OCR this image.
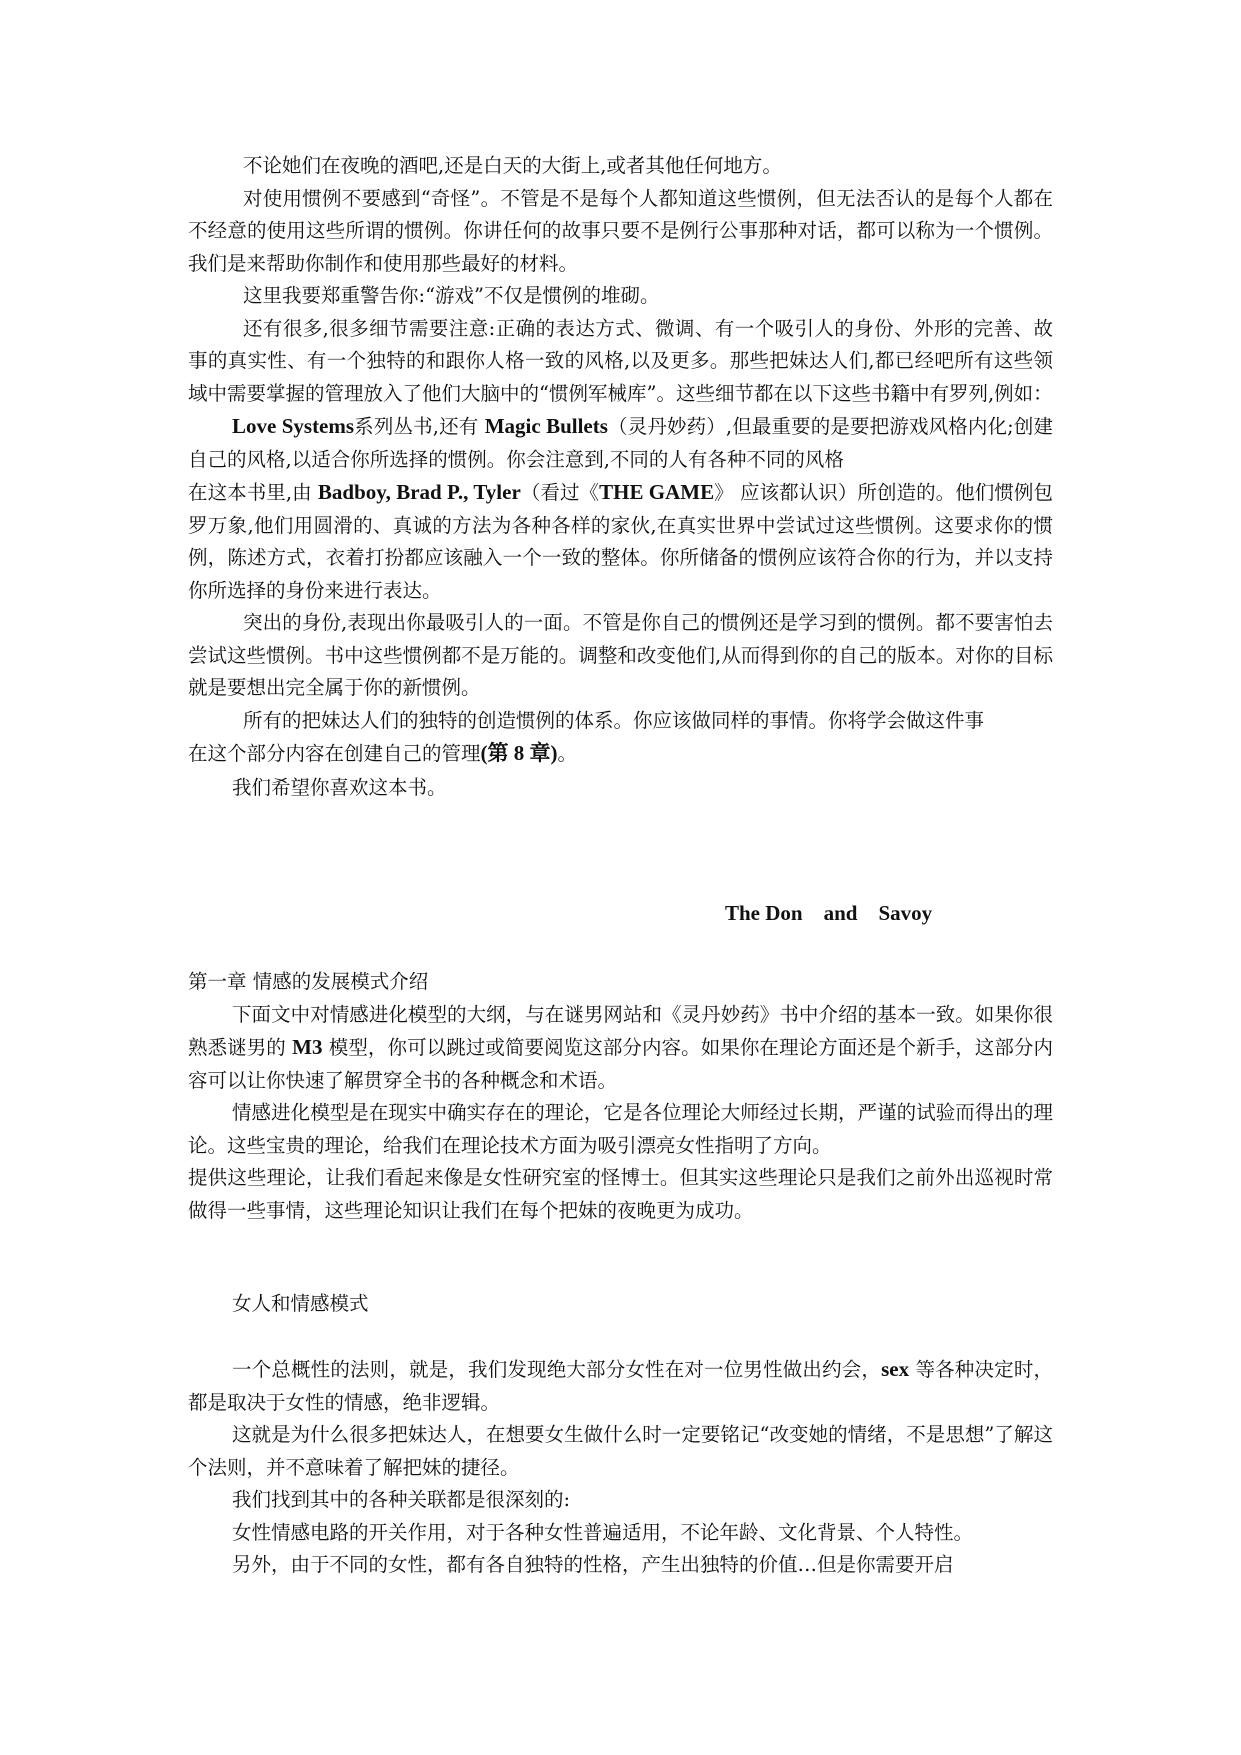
不论她们在夜晚的酒吧,还是白天的大街上,或者其他任何地方。

对使用惯例不要感到“奇怪”。不管是不是每个人都知道这些惯例，但无法否认的是每个人都在不经意的使用这些所谓的惯例。你讲任何的故事只要不是例行公事那种对话，都可以称为一个惯例。我们是来帮助你制作和使用那些最好的材料。

这里我要郑重警告你:“游戏”不仅是惯例的堆砌。

还有很多,很多细节需要注意:正确的表达方式、微调、有一个吸引人的身份、外形的完善、故事的真实性、有一个独特的和跟你人格一致的风格,以及更多。那些把妹达人们,都已经吧所有这些领域中需要掌握的管理放入了他们大脑中的“惯例军械库”。这些细节都在以下这些书籍中有罗列,例如：

Love Systems系列丛书,还有 Magic Bullets（灵丹妙药）,但最重要的是要把游戏风格内化;创建自己的风格,以适合你所选择的惯例。你会注意到,不同的人有各种不同的风格

在这本书里,由 Badboy, Brad P., Tyler（看过《THE GAME》 应该都认识）所创造的。他们惯例包罗万象,他们用圆滑的、真诚的方法为各种各样的家伙,在真实世界中尝试过这些惯例。这要求你的惯例，陈述方式，衣着打扮都应该融入一个一致的整体。你所储备的惯例应该符合你的行为，并以支持你所选择的身份来进行表达。

突出的身份,表现出你最吸引人的一面。不管是你自己的惯例还是学习到的惯例。都不要害怕去尝试这些惯例。书中这些惯例都不是万能的。调整和改变他们,从而得到你的自己的版本。对你的目标就是要想出完全属于你的新惯例。

所有的把妹达人们的独特的创造惯例的体系。你应该做同样的事情。你将学会做这件事

在这个部分内容在创建自己的管理(第 8 章)。

我们希望你喜欢这本书。

The Don    and    Savoy

第一章 情感的发展模式介绍

下面文中对情感进化模型的大纲，与在谜男网站和《灵丹妙药》书中介绍的基本一致。如果你很熟悉谜男的 M3 模型，你可以跳过或简要阅览这部分内容。如果你在理论方面还是个新手，这部分内容可以让你快速了解贯穿全书的各种概念和术语。

情感进化模型是在现实中确实存在的理论，它是各位理论大师经过长期，严谨的试验而得出的理论。这些宝贵的理论，给我们在理论技术方面为吸引漂亮女性指明了方向。

提供这些理论，让我们看起来像是女性研究室的怪博士。但其实这些理论只是我们之前外出巡视时常做得一些事情，这些理论知识让我们在每个把妹的夜晚更为成功。

女人和情感模式

一个总概性的法则，就是，我们发现绝大部分女性在对一位男性做出约会，sex 等各种决定时，都是取决于女性的情感，绝非逻辑。

这就是为什么很多把妹达人，在想要女生做什么时一定要铭记“改变她的情绪，不是思想”了解这个法则，并不意味着了解把妹的捷径。

我们找到其中的各种关联都是很深刻的:

女性情感电路的开关作用，对于各种女性普遍适用，不论年龄、文化背景、个人特性。

另外，由于不同的女性，都有各自独特的性格，产生出独特的价值…但是你需要开启
